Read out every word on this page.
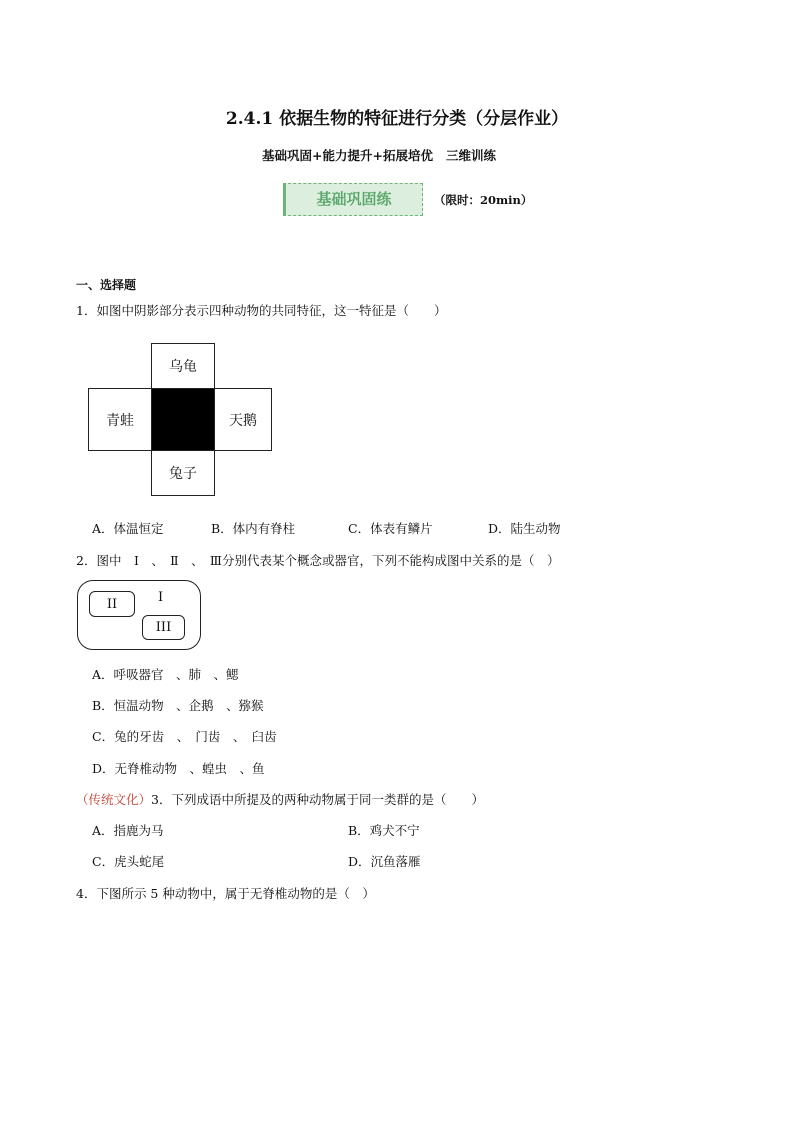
2.4.1 依据生物的特征进行分类（分层作业）
基础巩固+能力提升+拓展培优   三维训练
基础巩固练	（限时：20min）
一、选择题
1．如图中阴影部分表示四种动物的共同特征，这一特征是（　　）
乌龟
青蛙	天鹅
兔子
A．体温恒定	B．体内有脊柱	C．体表有鳞片	D．陆生动物
2．图中　Ⅰ　、　Ⅱ　、　Ⅲ分别代表某个概念或器官，下列不能构成图中关系的是（　）
I
II
III
A．呼吸器官　、肺　、鳃
B．恒温动物　、企鹅　、猕猴
C．兔的牙齿　、　门齿　、　臼齿
D．无脊椎动物　、蝗虫　、鱼
（传统文化）3．下列成语中所提及的两种动物属于同一类群的是（　　）
A．指鹿为马	B．鸡犬不宁
C．虎头蛇尾	D．沉鱼落雁
4．下图所示 5 种动物中，属于无脊椎动物的是（　）
